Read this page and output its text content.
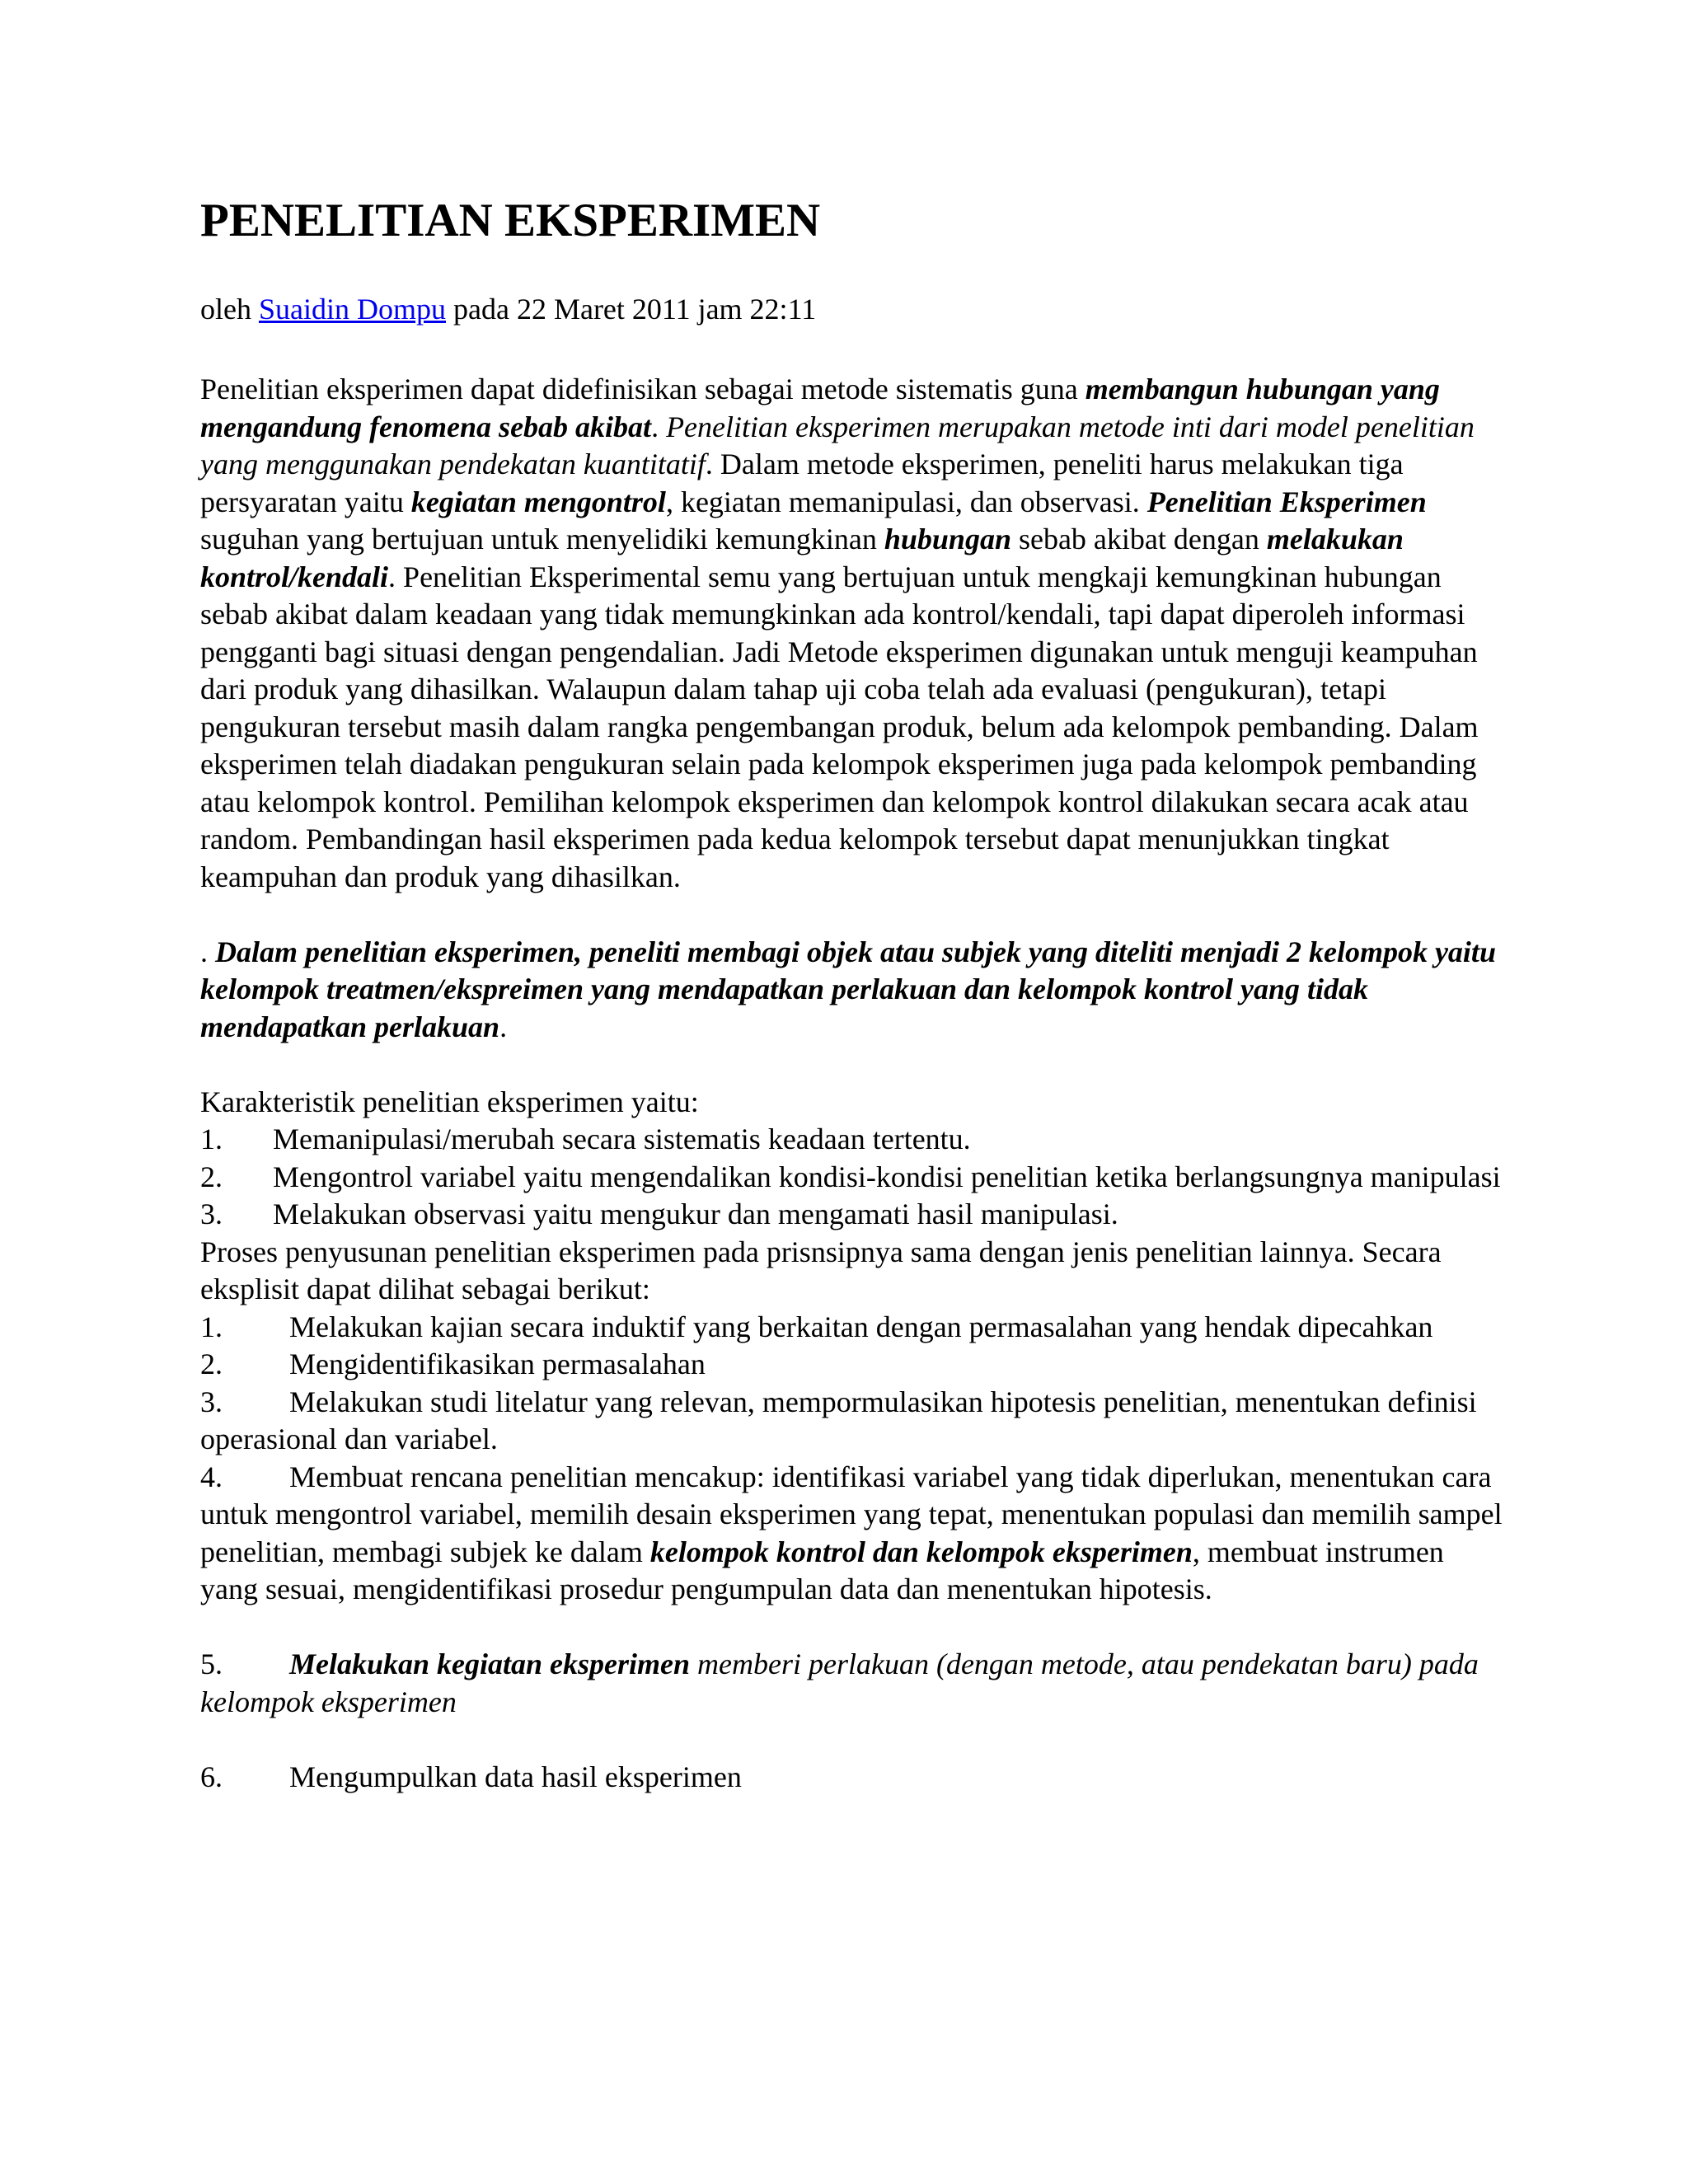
PENELITIAN EKSPERIMEN
oleh Suaidin Dompu pada 22 Maret 2011 jam 22:11

Penelitian eksperimen dapat didefinisikan sebagai metode sistematis guna membangun hubungan yang mengandung fenomena sebab akibat. Penelitian eksperimen merupakan metode inti dari model penelitian yang menggunakan pendekatan kuantitatif. Dalam metode eksperimen, peneliti harus melakukan tiga persyaratan yaitu kegiatan mengontrol, kegiatan memanipulasi, dan observasi. Penelitian Eksperimen suguhan yang bertujuan untuk menyelidiki kemungkinan hubungan sebab akibat dengan melakukan kontrol/kendali. Penelitian Eksperimental semu yang bertujuan untuk mengkaji kemungkinan hubungan sebab akibat dalam keadaan yang tidak memungkinkan ada kontrol/kendali, tapi dapat diperoleh informasi pengganti bagi situasi dengan pengendalian. Jadi Metode eksperimen digunakan untuk menguji keampuhan dari produk yang dihasilkan. Walaupun dalam tahap uji coba telah ada evaluasi (pengukuran), tetapi pengukuran tersebut masih dalam rangka pengembangan produk, belum ada kelompok pembanding. Dalam eksperimen telah diadakan pengukuran selain pada kelompok eksperimen juga pada kelompok pembanding atau kelompok kontrol. Pemilihan kelompok eksperimen dan kelompok kontrol dilakukan secara acak atau random. Pembandingan hasil eksperimen pada kedua kelompok tersebut dapat menunjukkan tingkat keampuhan dan produk yang dihasilkan.

. Dalam penelitian eksperimen, peneliti membagi objek atau subjek yang diteliti menjadi 2 kelompok yaitu kelompok treatmen/ekspreimen yang mendapatkan perlakuan dan kelompok kontrol yang tidak mendapatkan perlakuan.

Karakteristik penelitian eksperimen yaitu:

1. Memanipulasi/merubah secara sistematis keadaan tertentu.

2. Mengontrol variabel yaitu mengendalikan kondisi-kondisi penelitian ketika berlangsungnya manipulasi

3. Melakukan observasi yaitu mengukur dan mengamati hasil manipulasi.

Proses penyusunan penelitian eksperimen pada prisnsipnya sama dengan jenis penelitian lainnya. Secara eksplisit dapat dilihat sebagai berikut:

1. Melakukan kajian secara induktif yang berkaitan dengan permasalahan yang hendak dipecahkan

2. Mengidentifikasikan permasalahan

3. Melakukan studi litelatur yang relevan, mempormulasikan hipotesis penelitian, menentukan definisi operasional dan variabel.

4. Membuat rencana penelitian mencakup: identifikasi variabel yang tidak diperlukan, menentukan cara untuk mengontrol variabel, memilih desain eksperimen yang tepat, menentukan populasi dan memilih sampel penelitian, membagi subjek ke dalam kelompok kontrol dan kelompok eksperimen, membuat instrumen yang sesuai, mengidentifikasi prosedur pengumpulan data dan menentukan hipotesis.

5. Melakukan kegiatan eksperimen memberi perlakuan (dengan metode, atau pendekatan baru) pada kelompok eksperimen

6. Mengumpulkan data hasil eksperimen
